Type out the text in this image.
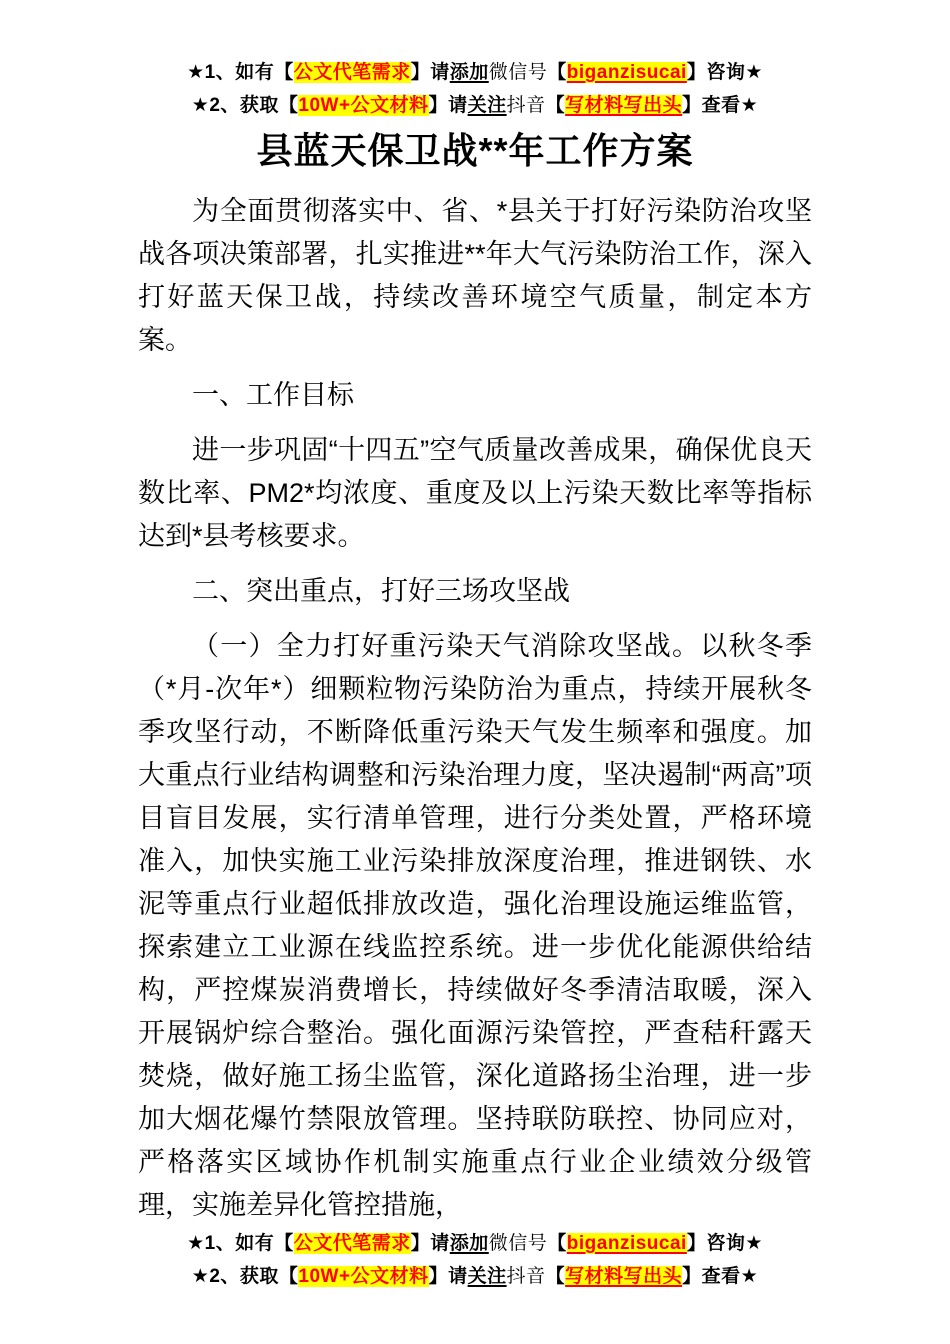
★1、如有【公文代笔需求】请添加微信号【biganzisucai】咨询★
★2、获取【10W+公文材料】请关注抖音【写材料写出头】查看★
县蓝天保卫战**年工作方案

为全面贯彻落实中、省、*县关于打好污染防治攻坚战各项决策部署，扎实推进**年大气污染防治工作，深入打好蓝天保卫战，持续改善环境空气质量，制定本方案。

一、工作目标

进一步巩固“十四五”空气质量改善成果，确保优良天数比率、PM2*均浓度、重度及以上污染天数比率等指标达到*县考核要求。

二、突出重点，打好三场攻坚战

（一）全力打好重污染天气消除攻坚战。以秋冬季（*月-次年*）细颗粒物污染防治为重点，持续开展秋冬季攻坚行动，不断降低重污染天气发生频率和强度。加大重点行业结构调整和污染治理力度，坚决遏制“两高”项目盲目发展，实行清单管理，进行分类处置，严格环境准入，加快实施工业污染排放深度治理，推进钢铁、水泥等重点行业超低排放改造，强化治理设施运维监管，探索建立工业源在线监控系统。进一步优化能源供给结构，严控煤炭消费增长，持续做好冬季清洁取暖，深入开展锅炉综合整治。强化面源污染管控，严查秸秆露天焚烧，做好施工扬尘监管，深化道路扬尘治理，进一步加大烟花爆竹禁限放管理。坚持联防联控、协同应对，严格落实区域协作机制实施重点行业企业绩效分级管理，实施差异化管控措施，

★1、如有【公文代笔需求】请添加微信号【biganzisucai】咨询★
★2、获取【10W+公文材料】请关注抖音【写材料写出头】查看★
